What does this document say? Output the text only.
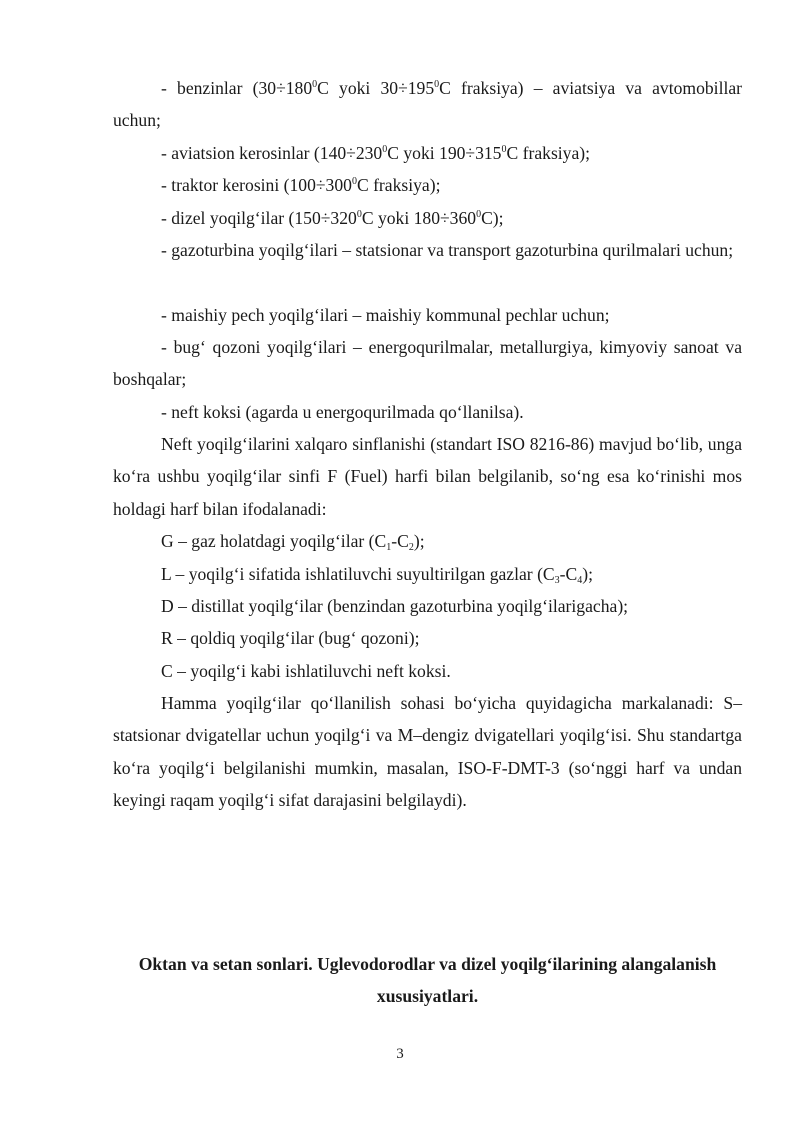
- benzinlar ($30\div 180^0C$ yoki $30\div 195^0C$ fraksiya) – aviatsiya va avtomobillar uchun;

- aviatsion kerosinlar ($140\div 230^0C$ yoki $190\div 315^0C$ fraksiya);

- traktor kerosini ($100\div 300^0C$ fraksiya);

- dizel yoqilg‘ilar ($150\div 320^0C$ yoki $180\div 360^0C$);

- gazoturbina yoqilg‘ilari – statsionar va transport gazoturbina qurilmalari uchun;

- maishiy pech yoqilg‘ilari – maishiy kommunal pechlar uchun;

- bug‘ qozoni yoqilg‘ilari – energoqurilmalar, metallurgiya, kimyoviy sanoat va boshqalar;

- neft koksi (agarda u energoqurilmada qo‘llanilsa).

Neft yoqilg‘ilarini xalqaro sinflanishi (standart ISO 8216-86) mavjud bo‘lib, unga ko‘ra ushbu yoqilg‘ilar sinfi F (Fuel) harfi bilan belgilanib, so‘ng esa ko‘rinishi mos holdagi harf bilan ifodalanadi:

G – gaz holatdagi yoqilg‘ilar $(C_1-C_2)$;

L – yoqilg‘i sifatida ishlatiluvchi suyultirilgan gazlar $(C_3-C_4)$;

D – distillat yoqilg‘ilar (benzindan gazoturbina yoqilg‘ilarigacha);

R – qoldiq yoqilg‘ilar (bug‘ qozoni);

C – yoqilg‘i kabi ishlatiluvchi neft koksi.

Hamma yoqilg‘ilar qo‘llanilish sohasi bo‘yicha quyidagicha markalanadi: S–statsionar dvigatellar uchun yoqilg‘i va M–dengiz dvigatellari yoqilg‘isi. Shu standartga ko‘ra yoqilg‘i belgilanishi mumkin, masalan, ISO-F-DMT-3 (so‘nggi harf va undan keyingi raqam yoqilg‘i sifat darajasini belgilaydi).

Oktan va setan sonlari. Uglevodorodlar va dizel yoqilg‘ilarining alangalanish xususiyatlari.
3
